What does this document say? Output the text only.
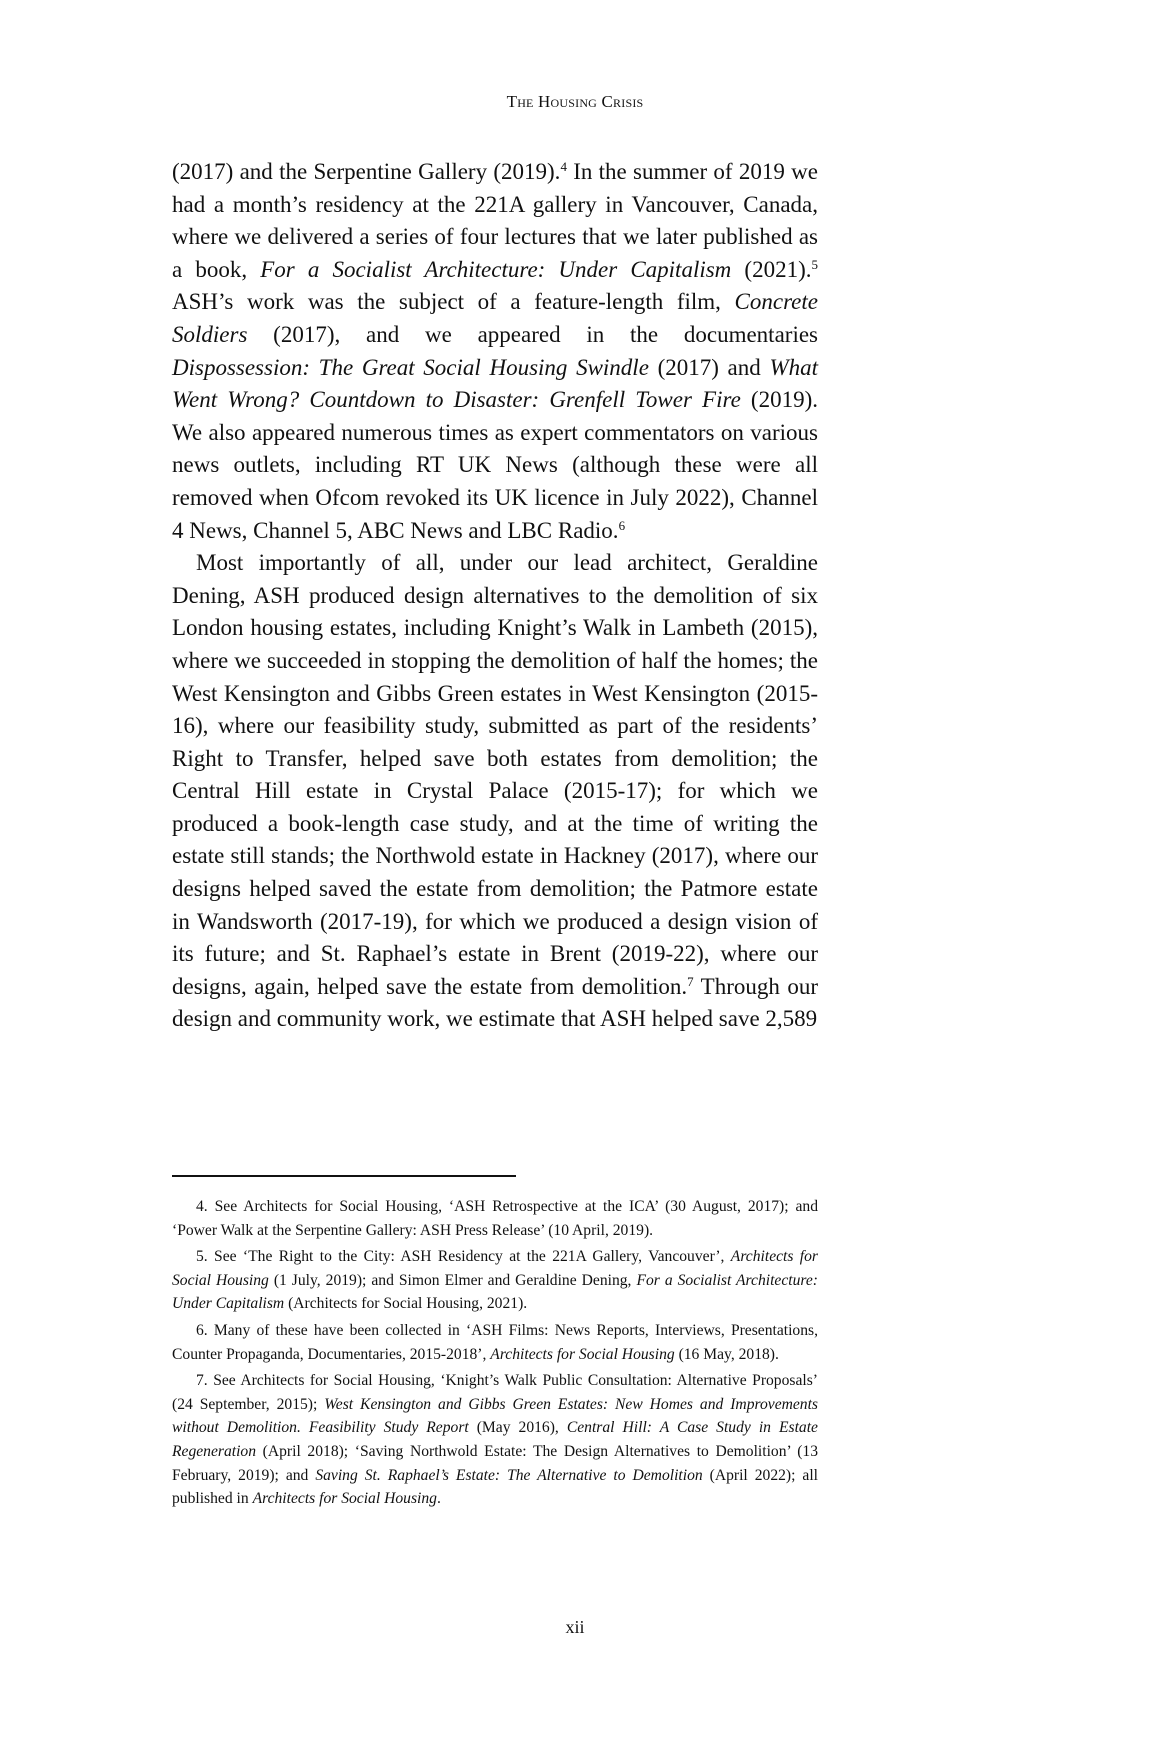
The Housing Crisis

(2017) and the Serpentine Gallery (2019).$^4$ In the summer of 2019 we had a month’s residency at the 221A gallery in Vancouver, Canada, where we delivered a series of four lectures that we later published as a book, For a Socialist Architecture: Under Capitalism (2021).$^5$ ASH’s work was the subject of a feature-length film, Concrete Soldiers (2017), and we appeared in the documentaries Dispossession: The Great Social Housing Swindle (2017) and What Went Wrong? Countdown to Disaster: Grenfell Tower Fire (2019). We also appeared numerous times as expert commentators on various news outlets, including RT UK News (although these were all removed when Ofcom revoked its UK licence in July 2022), Channel 4 News, Channel 5, ABC News and LBC Radio.$^6$

Most importantly of all, under our lead architect, Geraldine Dening, ASH produced design alternatives to the demolition of six London housing estates, including Knight’s Walk in Lambeth (2015), where we succeeded in stopping the demolition of half the homes; the West Kensington and Gibbs Green estates in West Kensington (2015-16), where our feasibility study, submitted as part of the residents’ Right to Transfer, helped save both estates from demolition; the Central Hill estate in Crystal Palace (2015-17); for which we produced a book-length case study, and at the time of writing the estate still stands; the Northwold estate in Hackney (2017), where our designs helped saved the estate from demolition; the Patmore estate in Wandsworth (2017-19), for which we produced a design vision of its future; and St. Raphael’s estate in Brent (2019-22), where our designs, again, helped save the estate from demolition.$^7$ Through our design and community work, we estimate that ASH helped save 2,589

4. See Architects for Social Housing, ‘ASH Retrospective at the ICA’ (30 August, 2017); and ‘Power Walk at the Serpentine Gallery: ASH Press Release’ (10 April, 2019).

5. See ‘The Right to the City: ASH Residency at the 221A Gallery, Vancouver’, Architects for Social Housing (1 July, 2019); and Simon Elmer and Geraldine Dening, For a Socialist Architecture: Under Capitalism (Architects for Social Housing, 2021).

6. Many of these have been collected in ‘ASH Films: News Reports, Interviews, Presentations, Counter Propaganda, Documentaries, 2015-2018’, Architects for Social Housing (16 May, 2018).

7. See Architects for Social Housing, ‘Knight’s Walk Public Consultation: Alternative Proposals’ (24 September, 2015); West Kensington and Gibbs Green Estates: New Homes and Improvements without Demolition. Feasibility Study Report (May 2016), Central Hill: A Case Study in Estate Regeneration (April 2018); ‘Saving Northwold Estate: The Design Alternatives to Demolition’ (13 February, 2019); and Saving St. Raphael’s Estate: The Alternative to Demolition (April 2022); all published in Architects for Social Housing.

xii
